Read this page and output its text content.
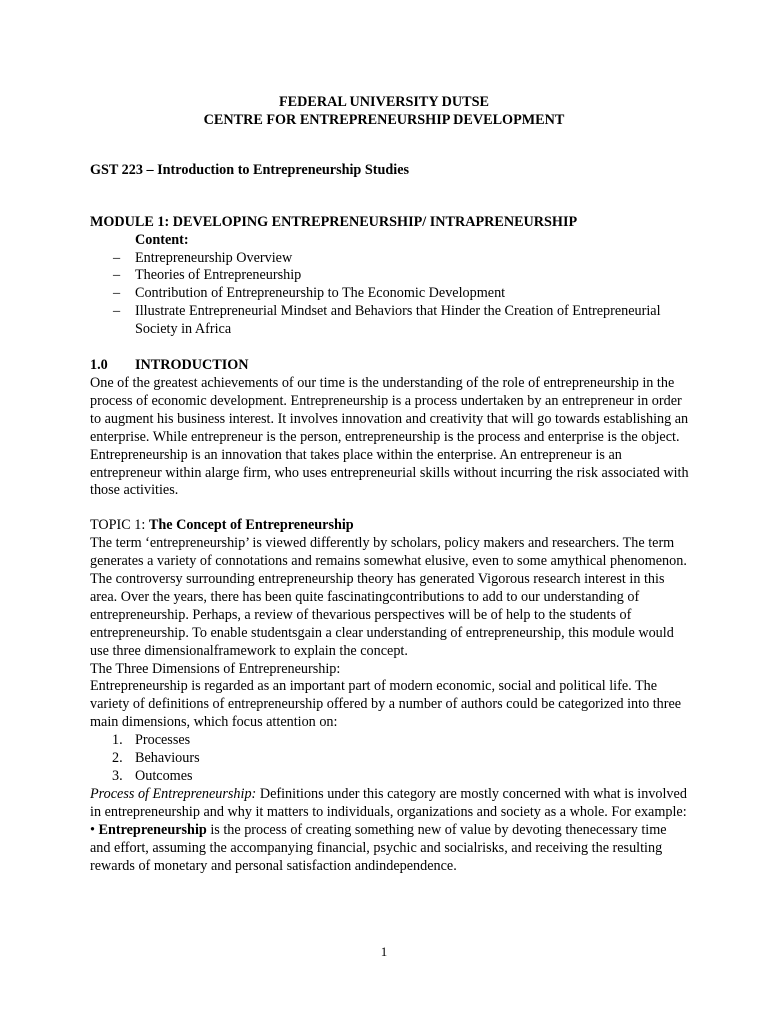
FEDERAL UNIVERSITY DUTSE

CENTRE FOR ENTREPRENEURSHIP DEVELOPMENT

GST 223 – Introduction to Entrepreneurship Studies

MODULE 1: DEVELOPING ENTREPRENEURSHIP/ INTRAPRENEURSHIP

Content:

– Entrepreneurship Overview
– Theories of Entrepreneurship
– Contribution of Entrepreneurship to The Economic Development
– Illustrate Entrepreneurial Mindset and Behaviors that Hinder the Creation of Entrepreneurial Society in Africa

1.0 INTRODUCTION

One of the greatest achievements of our time is the understanding of the role of entrepreneurship in the process of economic development. Entrepreneurship is a process undertaken by an entrepreneur in order to augment his business interest. It involves innovation and creativity that will go towards establishing an enterprise. While entrepreneur is the person, entrepreneurship is the process and enterprise is the object. Entrepreneurship is an innovation that takes place within the enterprise. An entrepreneur is an entrepreneur within alarge firm, who uses entrepreneurial skills without incurring the risk associated with those activities.

TOPIC 1: The Concept of Entrepreneurship

The term ‘entrepreneurship’ is viewed differently by scholars, policy makers and researchers. The term generates a variety of connotations and remains somewhat elusive, even to some amythical phenomenon. The controversy surrounding entrepreneurship theory has generated Vigorous research interest in this area. Over the years, there has been quite fascinatingcontributions to add to our understanding of entrepreneurship. Perhaps, a review of thevarious perspectives will be of help to the students of entrepreneurship. To enable studentsgain a clear understanding of entrepreneurship, this module would use three dimensionalframework to explain the concept.

The Three Dimensions of Entrepreneurship:

Entrepreneurship is regarded as an important part of modern economic, social and political life. The variety of definitions of entrepreneurship offered by a number of authors could be categorized into three main dimensions, which focus attention on:

1. Processes
2. Behaviours
3. Outcomes

Process of Entrepreneurship: Definitions under this category are mostly concerned with what is involved in entrepreneurship and why it matters to individuals, organizations and society as a whole. For example:

• Entrepreneurship is the process of creating something new of value by devoting thenecessary time and effort, assuming the accompanying financial, psychic and socialrisks, and receiving the resulting rewards of monetary and personal satisfaction andindependence.

1
